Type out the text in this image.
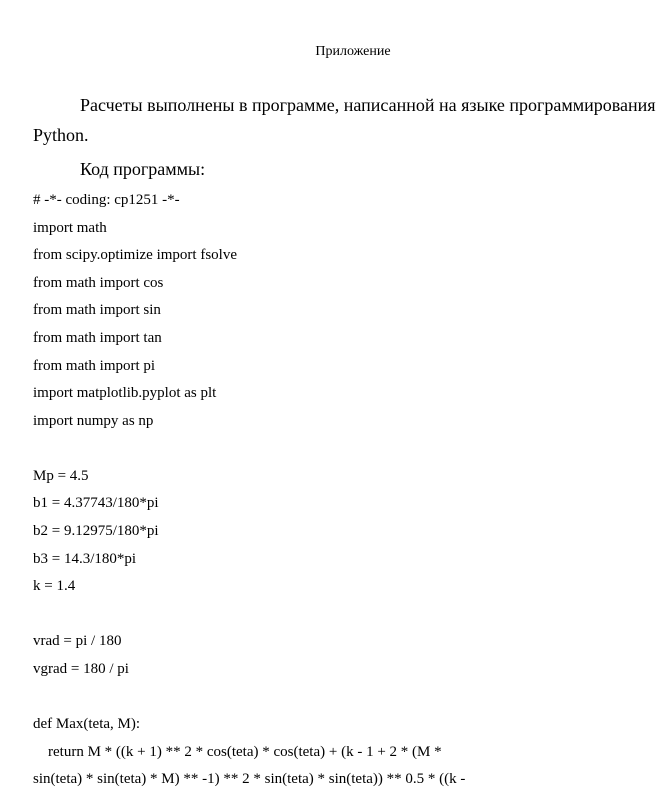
Приложение
Расчеты выполнены в программе, написанной на языке программирования
Python.
Код программы:
# -*- coding: cp1251 -*-
import math
from scipy.optimize import fsolve
from math import cos
from math import sin
from math import tan
from math import pi
import matplotlib.pyplot as plt
import numpy as np
Mp = 4.5
b1 = 4.37743/180*pi
b2 = 9.12975/180*pi
b3 = 14.3/180*pi
k = 1.4
vrad = pi / 180
vgrad = 180 / pi
def Max(teta, M):
return M * ((k + 1) ** 2 * cos(teta) * cos(teta) + (k - 1 + 2 * (M *
sin(teta) * sin(teta) * M) ** -1) ** 2 * sin(teta) * sin(teta)) ** 0.5 * ((k -
